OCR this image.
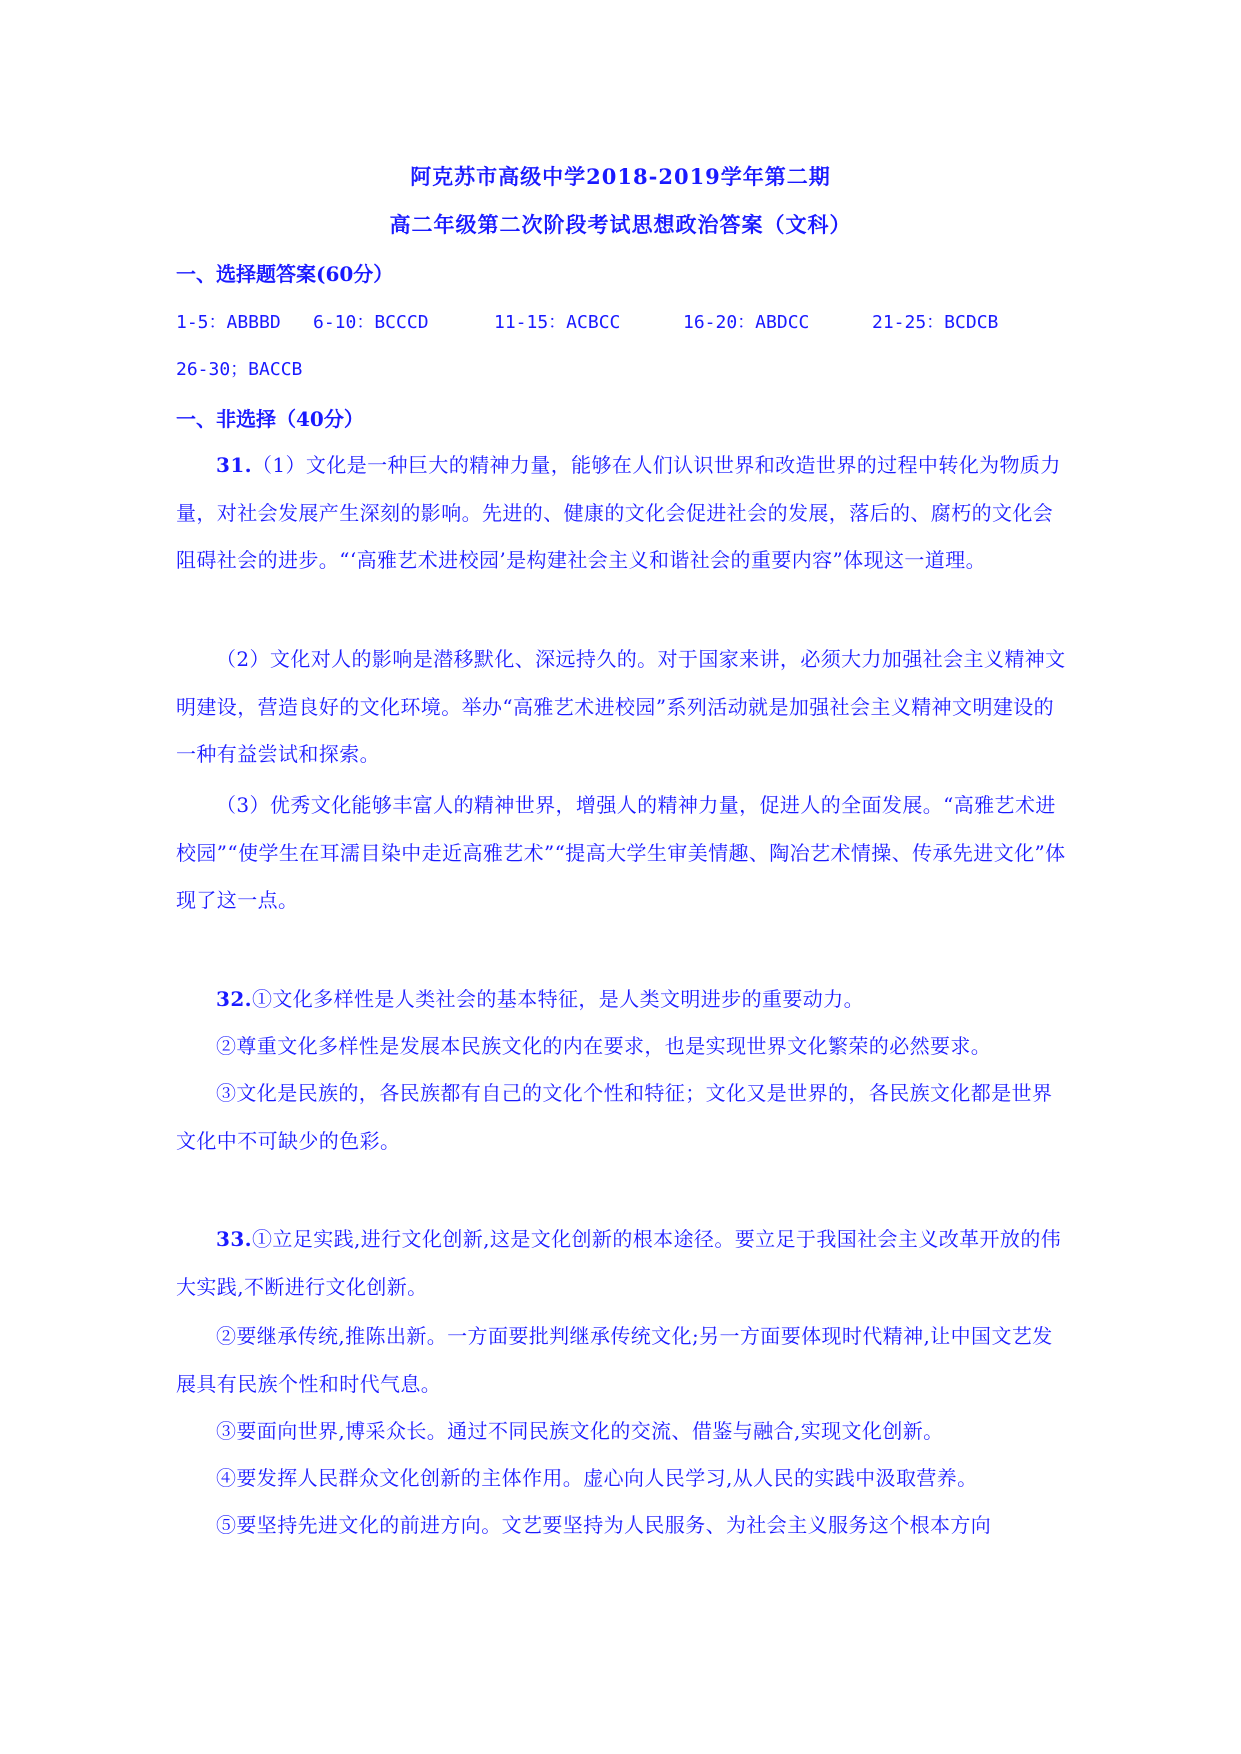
阿克苏市高级中学2018-2019学年第二期
高二年级第二次阶段考试思想政治答案（文科）
一、选择题答案(60分）
1-5：ABBBD 6-10：BCCCD	11-15：ACBCC	16-20：ABDCC	21-25：BCDCB
26-30；BACCB
一、非选择（40分）

31.（1）文化是一种巨大的精神力量，能够在人们认识世界和改造世界的过程中转化为物质力量，对社会发展产生深刻的影响。先进的、健康的文化会促进社会的发展，落后的、腐朽的文化会阻碍社会的进步。“‘高雅艺术进校园’是构建社会主义和谐社会的重要内容”体现这一道理。

（2）文化对人的影响是潜移默化、深远持久的。对于国家来讲，必须大力加强社会主义精神文明建设，营造良好的文化环境。举办“高雅艺术进校园”系列活动就是加强社会主义精神文明建设的一种有益尝试和探索。

（3）优秀文化能够丰富人的精神世界，增强人的精神力量，促进人的全面发展。“高雅艺术进校园”“使学生在耳濡目染中走近高雅艺术”“提高大学生审美情趣、陶冶艺术情操、传承先进文化”体现了这一点。

32.①文化多样性是人类社会的基本特征，是人类文明进步的重要动力。

②尊重文化多样性是发展本民族文化的内在要求，也是实现世界文化繁荣的必然要求。

③文化是民族的，各民族都有自己的文化个性和特征；文化又是世界的，各民族文化都是世界文化中不可缺少的色彩。

33.①立足实践,进行文化创新,这是文化创新的根本途径。要立足于我国社会主义改革开放的伟大实践,不断进行文化创新。

②要继承传统,推陈出新。一方面要批判继承传统文化;另一方面要体现时代精神,让中国文艺发展具有民族个性和时代气息。

③要面向世界,博采众长。通过不同民族文化的交流、借鉴与融合,实现文化创新。

④要发挥人民群众文化创新的主体作用。虚心向人民学习,从人民的实践中汲取营养。

⑤要坚持先进文化的前进方向。文艺要坚持为人民服务、为社会主义服务这个根本方向
